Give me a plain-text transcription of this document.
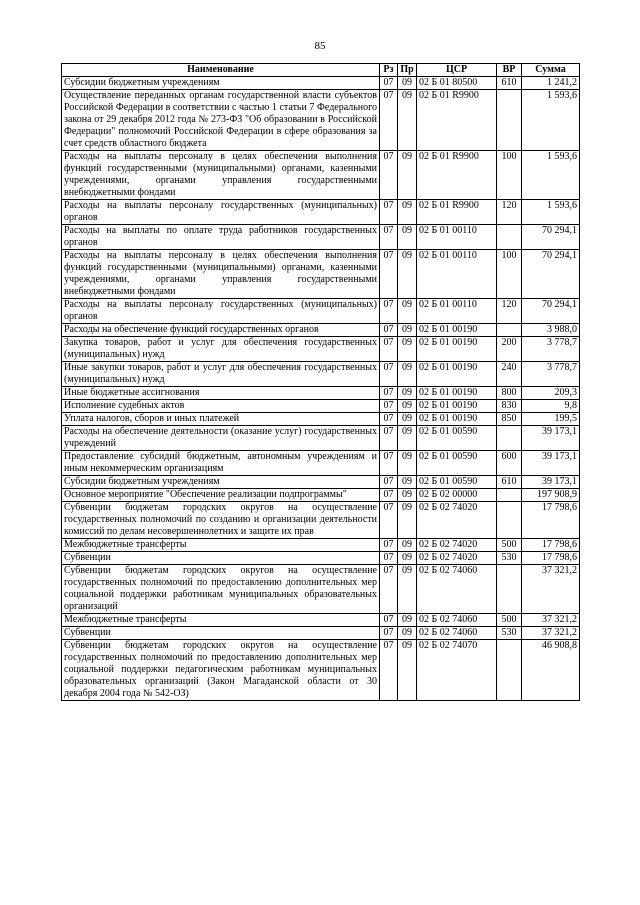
85
Наименование	Рз	Пр	ЦСР	ВР	Сумма
Субсидии бюджетным учреждениям	07	09	02 Б 01 80500	610	1 241,2
Осуществление переданных органам государственной власти субъектов Российской Федерации в соответствии с частью 1 статьи 7 Федерального закона от 29 декабря 2012 года № 273-ФЗ "Об образовании в Российской Федерации" полномочий Российской Федерации в сфере образования за счет средств областного бюджета	07	09	02 Б 01 R9900		1 593,6
Расходы на выплаты персоналу в целях обеспечения выполнения функций государственными (муниципальными) органами, казенными учреждениями, органами управления государственными внебюджетными фондами	07	09	02 Б 01 R9900	100	1 593,6
Расходы на выплаты персоналу государственных (муниципальных) органов	07	09	02 Б 01 R9900	120	1 593,6
Расходы на выплаты по оплате труда работников государственных органов	07	09	02 Б 01 00110		70 294,1
Расходы на выплаты персоналу в целях обеспечения выполнения функций государственными (муниципальными) органами, казенными учреждениями, органами управления государственными внебюджетными фондами	07	09	02 Б 01 00110	100	70 294,1
Расходы на выплаты персоналу государственных (муниципальных) органов	07	09	02 Б 01 00110	120	70 294,1
Расходы на обеспечение функций государственных органов	07	09	02 Б 01 00190		3 988,0
Закупка товаров, работ и услуг для обеспечения государственных (муниципальных) нужд	07	09	02 Б 01 00190	200	3 778,7
Иные закупки товаров, работ и услуг для обеспечения государственных (муниципальных) нужд	07	09	02 Б 01 00190	240	3 778,7
Иные бюджетные ассигнования	07	09	02 Б 01 00190	800	209,3
Исполнение судебных актов	07	09	02 Б 01 00190	830	9,8
Уплата налогов, сборов и иных платежей	07	09	02 Б 01 00190	850	199,5
Расходы на обеспечение деятельности (оказание услуг) государственных учреждений	07	09	02 Б 01 00590		39 173,1
Предоставление субсидий бюджетным, автономным учреждениям и иным некоммерческим организациям	07	09	02 Б 01 00590	600	39 173,1
Субсидии бюджетным учреждениям	07	09	02 Б 01 00590	610	39 173,1
Основное мероприятие "Обеспечение реализации подпрограммы"	07	09	02 Б 02 00000		197 908,9
Субвенции бюджетам городских округов на осуществление государственных полномочий по созданию и организации деятельности комиссий по делам несовершеннолетних и защите их прав	07	09	02 Б 02 74020		17 798,6
Межбюджетные трансферты	07	09	02 Б 02 74020	500	17 798,6
Субвенции	07	09	02 Б 02 74020	530	17 798,6
Субвенции бюджетам городских округов на осуществление государственных полномочий по предоставлению дополнительных мер социальной поддержки работникам муниципальных образовательных организаций	07	09	02 Б 02 74060		37 321,2
Межбюджетные трансферты	07	09	02 Б 02 74060	500	37 321,2
Субвенции	07	09	02 Б 02 74060	530	37 321,2
Субвенции бюджетам городских округов на осуществление государственных полномочий по предоставлению дополнительных мер социальной поддержки педагогическим работникам муниципальных образовательных организаций (Закон Магаданской области от 30 декабря 2004 года № 542-ОЗ)	07	09	02 Б 02 74070		46 908,8
